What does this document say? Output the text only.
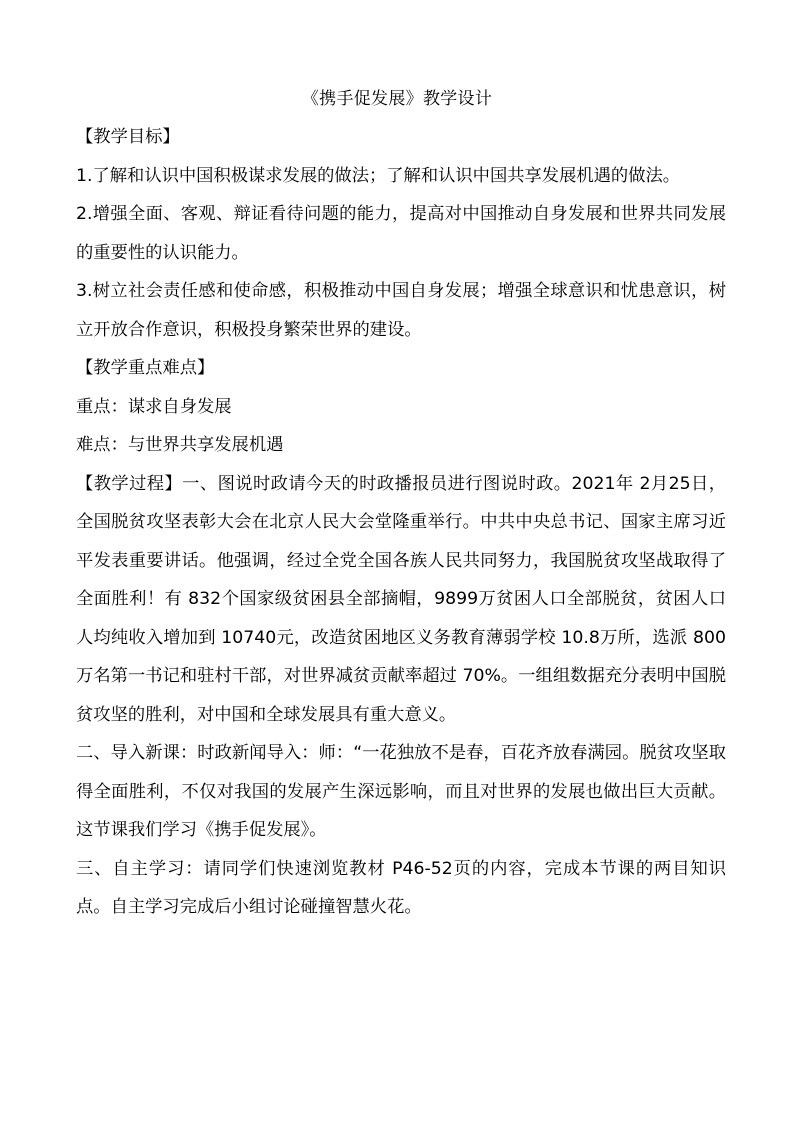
《携手促发展》教学设计

【教学目标】

1.了解和认识中国积极谋求发展的做法；了解和认识中国共享发展机遇的做法。

2.增强全面、客观、辩证看待问题的能力，提高对中国推动自身发展和世界共同发展的重要性的认识能力。

3.树立社会责任感和使命感，积极推动中国自身发展；增强全球意识和忧患意识，树立开放合作意识，积极投身繁荣世界的建设。

【教学重点难点】

重点：谋求自身发展

难点：与世界共享发展机遇

【教学过程】一、图说时政请今天的时政播报员进行图说时政。2021年 2月25日，全国脱贫攻坚表彰大会在北京人民大会堂隆重举行。中共中央总书记、国家主席习近平发表重要讲话。他强调，经过全党全国各族人民共同努力，我国脱贫攻坚战取得了全面胜利！有 832个国家级贫困县全部摘帽，9899万贫困人口全部脱贫，贫困人口人均纯收入增加到 10740元，改造贫困地区义务教育薄弱学校 10.8万所，选派 800万名第一书记和驻村干部，对世界减贫贡献率超过 70%。一组组数据充分表明中国脱贫攻坚的胜利，对中国和全球发展具有重大意义。

二、导入新课：时政新闻导入：师：“一花独放不是春，百花齐放春满园。脱贫攻坚取得全面胜利，不仅对我国的发展产生深远影响，而且对世界的发展也做出巨大贡献。这节课我们学习《携手促发展》。

三、自主学习：请同学们快速浏览教材 P46-52页的内容，完成本节课的两目知识点。自主学习完成后小组讨论碰撞智慧火花。
